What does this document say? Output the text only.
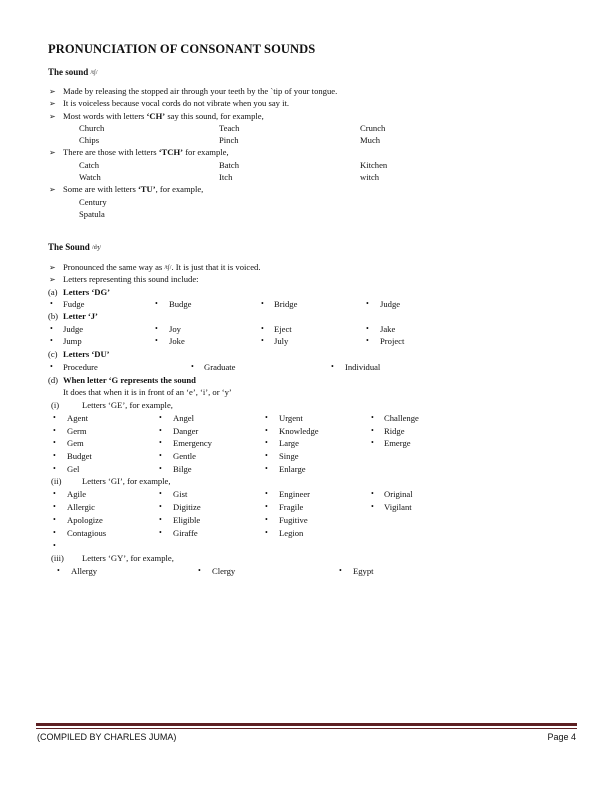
PRONUNCIATION OF CONSONANT SOUNDS
The sound /tʃ/
➢ Made by releasing the stopped air through your teeth by the `tip of your tongue.
➢ It is voiceless because vocal cords do not vibrate when you say it.
➢ Most words with letters ‘CH’ say this sound, for example,
Church	Teach	Crunch
Chips	Pinch	Much
➢ There are those with letters ‘TCH’ for example,
Catch	Batch	Kitchen
Watch	Itch	witch
➢ Some are with letters ‘TU’, for example,
Century
Spatula
The Sound /dʒ/
➢ Pronounced the same way as /tʃ/. It is just that it is voiced.
➢ Letters representing this sound include:
(a) Letters ‘DG’
• Fudge	• Budge	• Bridge	• Judge
(b) Letter ‘J’
• Judge	• Joy	• Eject	• Jake
• Jump	• Joke	• July	• Project
(c) Letters ‘DU’
• Procedure	• Graduate	• Individual
(d) When letter ‘G represents the sound
It does that when it is in front of an ‘e’, ‘i’, or ‘y’
(i)	Letters ‘GE’, for example,
• Agent	• Angel	• Urgent	• Challenge
• Germ	• Danger	• Knowledge	• Ridge
• Gem	• Emergency	• Large	• Emerge
• Budget	• Gentle	• Singe
• Gel	• Bilge	• Enlarge
(ii) Letters ‘GI’, for example,
• Agile	• Gist	• Engineer	• Original
• Allergic	• Digitize	• Fragile	• Vigilant
• Apologize	• Eligible	• Fugitive
• Contagious	• Giraffe	• Legion
•
(iii) Letters ‘GY’, for example,
• Allergy	• Clergy	• Egypt
(COMPILED BY CHARLES JUMA)	Page 4
